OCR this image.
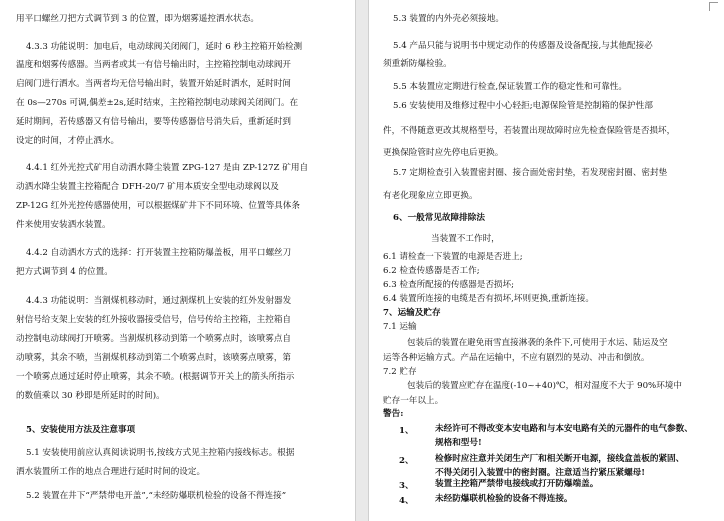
用平口螺丝刀把方式调节到 3 的位置，即为烟雾遥控洒水状态。
4.3.3 功能说明：加电后，电动球阀关闭阀门，延时 6 秒主控箱开始检测
温度和烟雾传感器。当两者或其一有信号输出时，主控箱控制电动球阀开
启阀门进行洒水。当两者均无信号输出时，装置开始延时洒水，延时时间
在 0s—270s 可调,偶差±2s,延时结束，主控箱控制电动球阀关闭阀门。在
延时期间，若传感器又有信号输出，要等传感器信号消失后，重新延时到
设定的时间，才停止洒水。
4.4.1 红外光控式矿用自动洒水降尘装置 ZPG-127 是由 ZP-127Z 矿用自
动洒水降尘装置主控箱配合 DFH-20/7 矿用本质安全型电动球阀以及
ZP-12G 红外光控传感器使用，可以根据煤矿井下不同环境、位置等具体条
件来使用安装洒水装置。
4.4.2 自动洒水方式的选择：打开装置主控箱防爆盖板，用平口螺丝刀
把方式调节到 4 的位置。
4.4.3 功能说明：当割煤机移动时，通过割煤机上安装的红外发射器发
射信号给支架上安装的红外接收器接受信号，信号传给主控箱，主控箱自
动控制电动球阀打开喷雾。当割煤机移动到第一个喷雾点时，该喷雾点自
动喷雾，其余不喷，当割煤机移动到第二个喷雾点时，该喷雾点喷雾，第
一个喷雾点通过延时停止喷雾，其余不喷。(根据调节开关上的箭头所指示
的数值乘以 30 秒即是所延时的时间)。
5、安装使用方法及注意事项
5.1 安装使用前应认真阅读说明书,按线方式见主控箱内接线标志。根据
洒水装置所工作的地点合理进行延时时间的设定。
5.2 装置在井下“严禁带电开盖”,“未经防爆联机检验的设备不得连接”
5.3 装置的内外壳必须接地。
5.4 产品只能与说明书中规定动作的传感器及设备配接,与其他配接必
须重新防爆检验。
5.5 本装置应定期进行检查,保证装置工作的稳定性和可靠性。
5.6 安装使用及维修过程中小心轻拒;电源保险管是控制箱的保护性部
件，不得随意更改其规格型号，若装置出现故障时应先检查保险管是否损坏，
更换保险管时应先停电后更换。
5.7 定期检查引入装置密封圈、接合面处密封垫，若发现密封圈、密封垫
有老化现象应立即更换。
6、一般常见故障排除法
当装置不工作时，
6.1 请检查一下装置的电源是否进上;
6.2 检查传感器是否工作;
6.3 检查所配接的传感器是否损坏;
6.4 装置所连接的电缆是否有损坏,坏则更换,重新连接。
7、运输及贮存
7.1 运输
包装后的装置在避免雨雪直接淋袭的条件下,可使用于水运、陆运及空
运等各种运输方式。产品在运输中，不应有剧烈的晃动、冲击和倒放。
7.2 贮存
包装后的装置应贮存在温度(-10~+40)℃，相对湿度不大于 90%环境中
贮存一年以上。
警告:
1、 未经许可不得改变本安电路和与本安电路有关的元器件的电气参数、
规格和型号!
2、 检修时应注意并关闭生产厂和相关断开电源，接线盒盖板的紧固、
不得关闭引入装置中的密封圈。注意适当拧紧压紧螺母!
3、 装置主控箱严禁带电接线或打开防爆端盖。
4、 未经防爆联机检验的设备不得连接。
